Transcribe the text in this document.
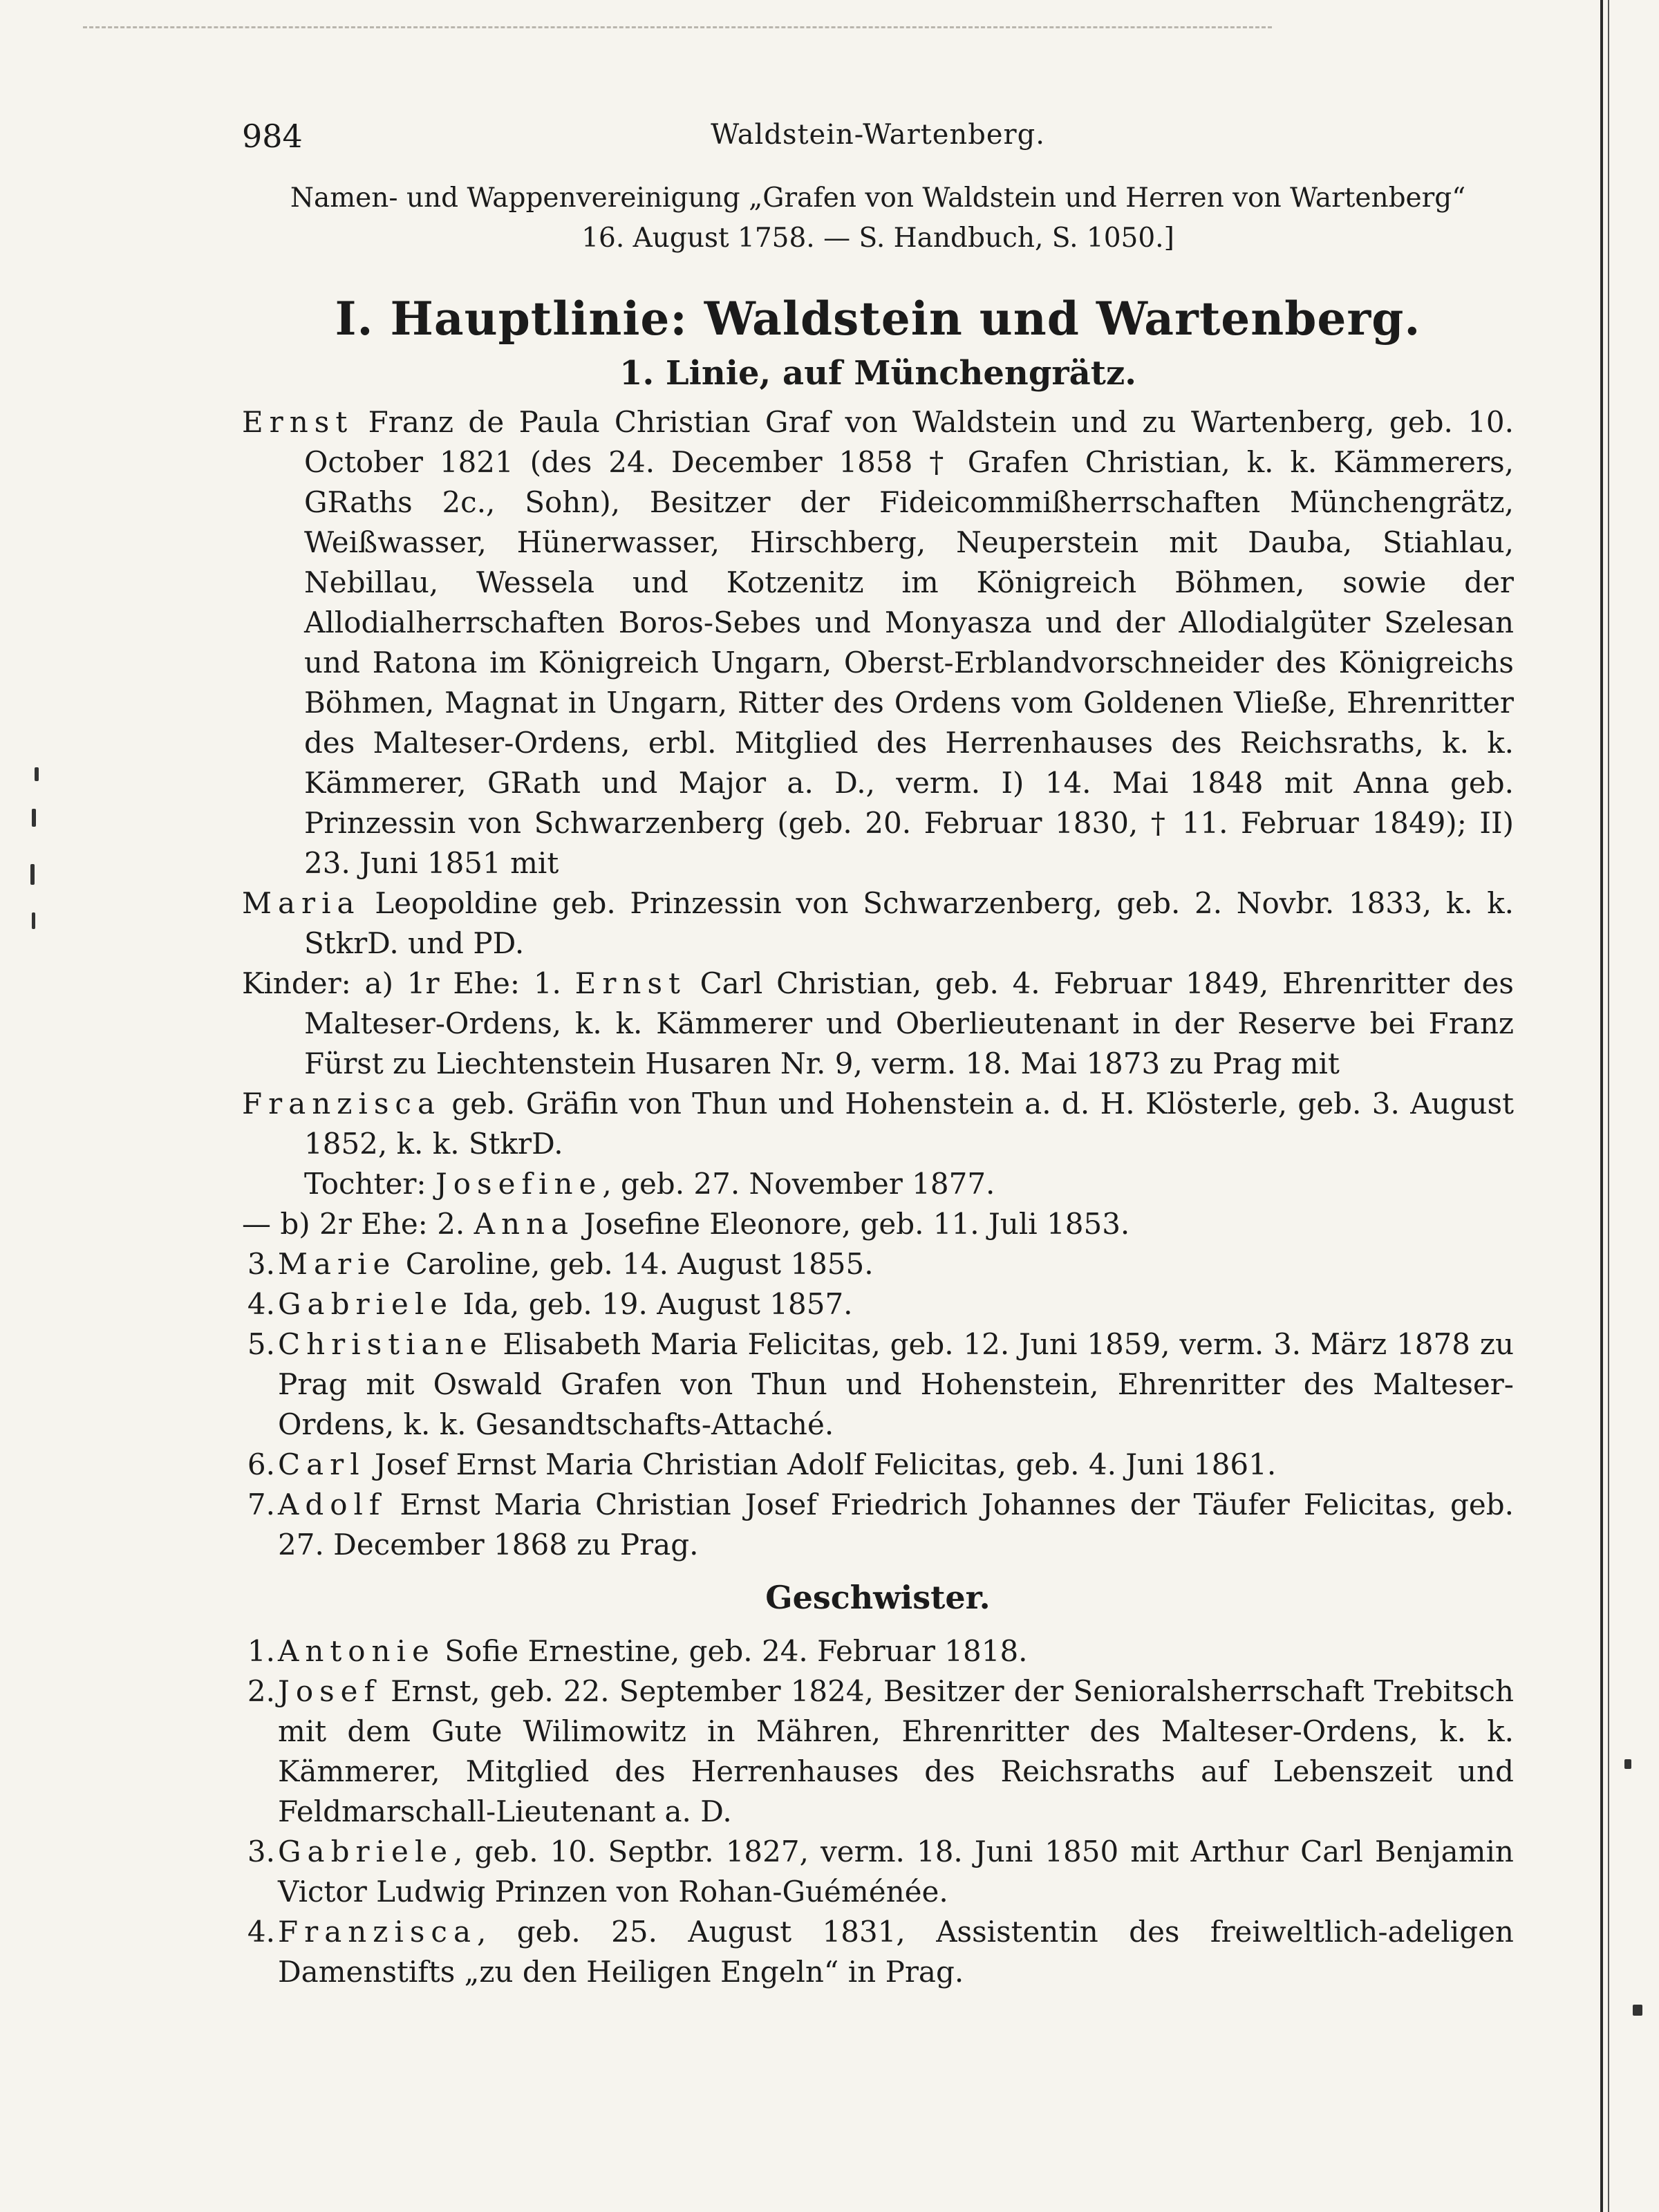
984	Waldstein-Wartenberg.
Namen- und Wappenvereinigung „Grafen von Waldstein und Herren von Wartenberg“ 16. August 1758. — S. Handbuch, S. 1050.]
I. Hauptlinie: Waldstein und Wartenberg.
1. Linie, auf Münchengrätz.

Ernst Franz de Paula Christian Graf von Waldstein und zu Wartenberg, geb. 10. October 1821 (des 24. December 1858 † Grafen Christian, k. k. Kämmerers, GRaths 2c., Sohn), Besitzer der Fideicommißherrschaften Münchengrätz, Weißwasser, Hünerwasser, Hirschberg, Neuperstein mit Dauba, Stiahlau, Nebillau, Wessela und Kotzenitz im Königreich Böhmen, sowie der Allodialherrschaften Boros-Sebes und Monyasza und der Allodialgüter Szelesan und Ratona im Königreich Ungarn, Oberst-Erblandvorschneider des Königreichs Böhmen, Magnat in Ungarn, Ritter des Ordens vom Goldenen Vließe, Ehrenritter des Malteser-Ordens, erbl. Mitglied des Herrenhauses des Reichsraths, k. k. Kämmerer, GRath und Major a. D., verm. I) 14. Mai 1848 mit Anna geb. Prinzessin von Schwarzenberg (geb. 20. Februar 1830, † 11. Februar 1849); II) 23. Juni 1851 mit

Maria Leopoldine geb. Prinzessin von Schwarzenberg, geb. 2. Novbr. 1833, k. k. StkrD. und PD.

Kinder: a) 1r Ehe: 1. Ernst Carl Christian, geb. 4. Februar 1849, Ehrenritter des Malteser-Ordens, k. k. Kämmerer und Oberlieutenant in der Reserve bei Franz Fürst zu Liechtenstein Husaren Nr. 9, verm. 18. Mai 1873 zu Prag mit

Franzisca geb. Gräfin von Thun und Hohenstein a. d. H. Klösterle, geb. 3. August 1852, k. k. StkrD.

Tochter: Josefine, geb. 27. November 1877.

— b) 2r Ehe: 2. Anna Josefine Eleonore, geb. 11. Juli 1853.

3. Marie Caroline, geb. 14. August 1855.
4. Gabriele Ida, geb. 19. August 1857.
5. Christiane Elisabeth Maria Felicitas, geb. 12. Juni 1859, verm. 3. März 1878 zu Prag mit Oswald Grafen von Thun und Hohenstein, Ehrenritter des Malteser-Ordens, k. k. Gesandtschafts-Attaché.
6. Carl Josef Ernst Maria Christian Adolf Felicitas, geb. 4. Juni 1861.
7. Adolf Ernst Maria Christian Josef Friedrich Johannes der Täufer Felicitas, geb. 27. December 1868 zu Prag.
Geschwister.
1. Antonie Sofie Ernestine, geb. 24. Februar 1818.
2. Josef Ernst, geb. 22. September 1824, Besitzer der Senioralsherrschaft Trebitsch mit dem Gute Wilimowitz in Mähren, Ehrenritter des Malteser-Ordens, k. k. Kämmerer, Mitglied des Herrenhauses des Reichsraths auf Lebenszeit und Feldmarschall-Lieutenant a. D.
3. Gabriele, geb. 10. Septbr. 1827, verm. 18. Juni 1850 mit Arthur Carl Benjamin Victor Ludwig Prinzen von Rohan-Guéménée.
4. Franzisca, geb. 25. August 1831, Assistentin des freiweltlich-adeligen Damenstifts „zu den Heiligen Engeln“ in Prag.
